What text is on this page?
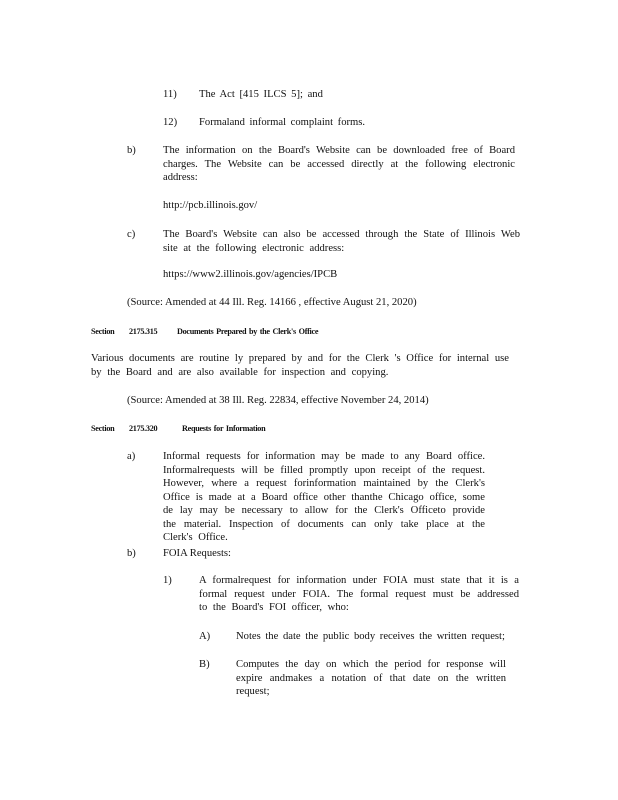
11) The Act [415 ILCS 5]; and
12) Formaland informal complaint forms.
b)	The information on the Board's Website can be downloaded free of Board charges. The Website can be accessed directly at the following electronic address:
http://pcb.illinois.gov/
c)	The Board's Website can also be accessed through the State of Illinois Web site at the following electronic address:
https://www2.illinois.gov/agencies/IPCB
(Source: Amended at 44 Ill. Reg. 14166 , effective August 21, 2020)
Section 2175.315 Documents Prepared by the Clerk's Office
Various documents are routine ly prepared by and for the Clerk 's Office for internal use by the Board and are also available for inspection and copying.
(Source: Amended at 38 Ill. Reg. 22834, effective November 24, 2014)
Section 2175.320	Requests for Information
a)	Informal requests for information may be made to any Board office. Informalrequests will be filled promptly upon receipt of the request. However, where a request forinformation maintained by the Clerk's Office is made at a Board office other thanthe Chicago office, some de lay may be necessary to allow for the Clerk's Officeto provide the material. Inspection of documents can only take place at the Clerk's Office.
b)	FOIA Requests:
1)	A formalrequest for information under FOIA must state that it is a formal request under FOIA. The formal request must be addressed to the Board's FOI officer, who:
A) Notes the date the public body receives the written request;
B) Computes the day on which the period for response will expire andmakes a notation of that date on the written request;
